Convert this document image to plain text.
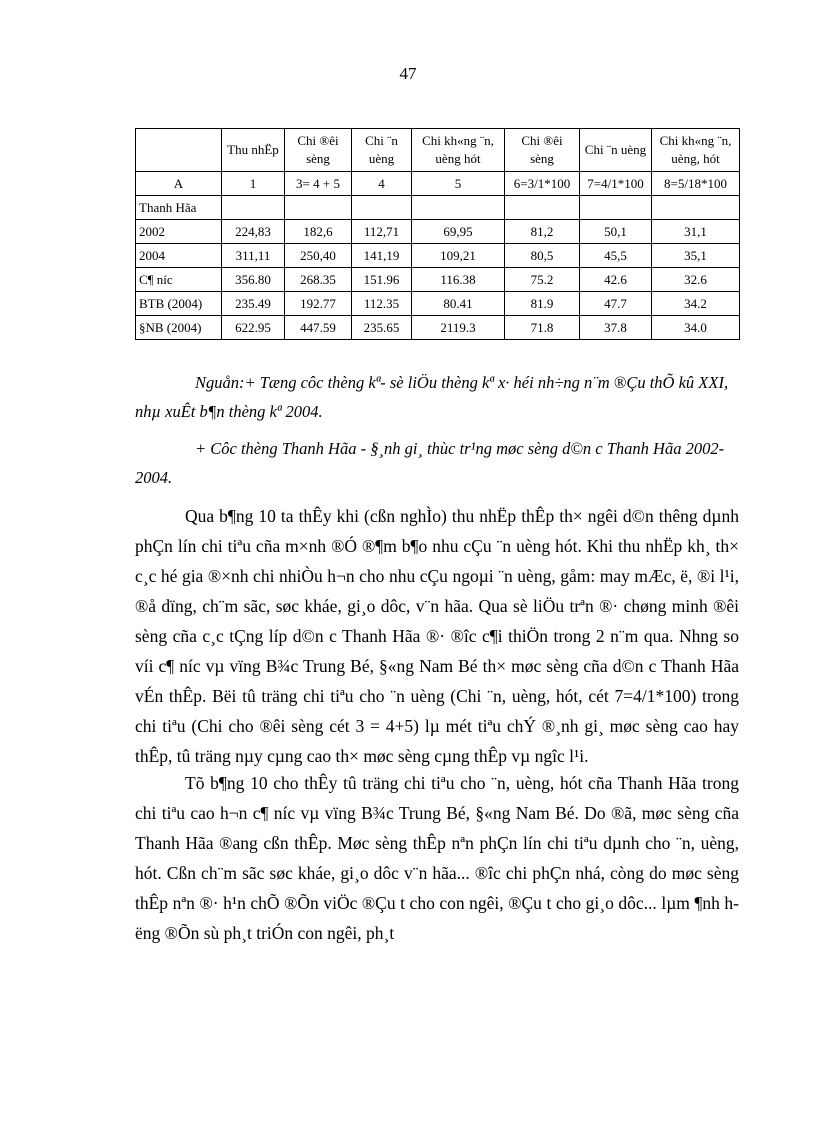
47
	Thu nhËp	Chi ®êi sèng	Chi ¨n uèng	Chi kh«ng ¨n, uèng hót	Chi ®êi sèng	Chi ¨n uèng	Chi kh«ng ¨n, uèng, hót
A	1	3= 4 + 5	4	5	6=3/1*100	7=4/1*100	8=5/18*100
Thanh Hãa							
2002	224,83	182,6	112,71	69,95	81,2	50,1	31,1
2004	311,11	250,40	141,19	109,21	80,5	45,5	35,1
C¶ níc	356.80	268.35	151.96	116.38	75.2	42.6	32.6
BTB (2004)	235.49	192.77	112.35	80.41	81.9	47.7	34.2
§NB (2004)	622.95	447.59	235.65	2119.3	71.8	37.8	34.0

Nguån:+ Tæng côc thèng kª- sè liÖu thèng kª x· héi nh÷ng n¨m ®Çu thÕ kû XXI, nhµ xuÊt b¶n thèng kª 2004.

+ Côc thèng Thanh Hãa - §¸nh gi¸ thùc tr¹ng møc sèng d©n c Thanh Hãa 2002-2004.

Qua b¶ng 10 ta thÊy khi (cßn nghÌo) thu nhËp thÊp th× ngêi d©n thêng dµnh phÇn lín chi tiªu cña m×nh ®Ó ®¶m b¶o nhu cÇu ¨n uèng hót. Khi thu nhËp kh¸ th× c¸c hé gia ®×nh chi nhiÒu h¬n cho nhu cÇu ngoµi ¨n uèng, gåm: may mÆc, ë, ®i l¹i, ®å dïng, ch¨m sãc, søc kháe, gi¸o dôc, v¨n hãa. Qua sè liÖu trªn ®· chøng minh ®êi sèng cña c¸c tÇng líp d©n c Thanh Hãa ®· ®îc c¶i thiÖn trong 2 n¨m qua. Nhng so víi c¶ níc vµ vïng B¾c Trung Bé, §«ng Nam Bé th× møc sèng cña d©n c Thanh Hãa vÉn thÊp. Bëi tû träng chi tiªu cho ¨n uèng (Chi ¨n, uèng, hót, cét 7=4/1*100) trong chi tiªu (Chi cho ®êi sèng cét 3 = 4+5) lµ mét tiªu chÝ ®¸nh gi¸ møc sèng cao hay thÊp, tû träng nµy cµng cao th× møc sèng cµng thÊp vµ ngîc l¹i.

Tõ b¶ng 10 cho thÊy tû träng chi tiªu cho ¨n, uèng, hót cña Thanh Hãa trong chi tiªu cao h¬n c¶ níc vµ vïng B¾c Trung Bé, §«ng Nam Bé. Do ®ã, møc sèng cña Thanh Hãa ®ang cßn thÊp. Møc sèng thÊp nªn phÇn lín chi tiªu dµnh cho ¨n, uèng, hót. Cßn ch¨m sãc søc kháe, gi¸o dôc v¨n hãa... ®îc chi phÇn nhá, còng do møc sèng thÊp nªn ®· h¹n chÕ ®Õn viÖc ®Çu t cho con ngêi, ®Çu t cho gi¸o dôc... lµm ¶nh hëng ®Õn sù ph¸t triÓn con ngêi, ph¸t
